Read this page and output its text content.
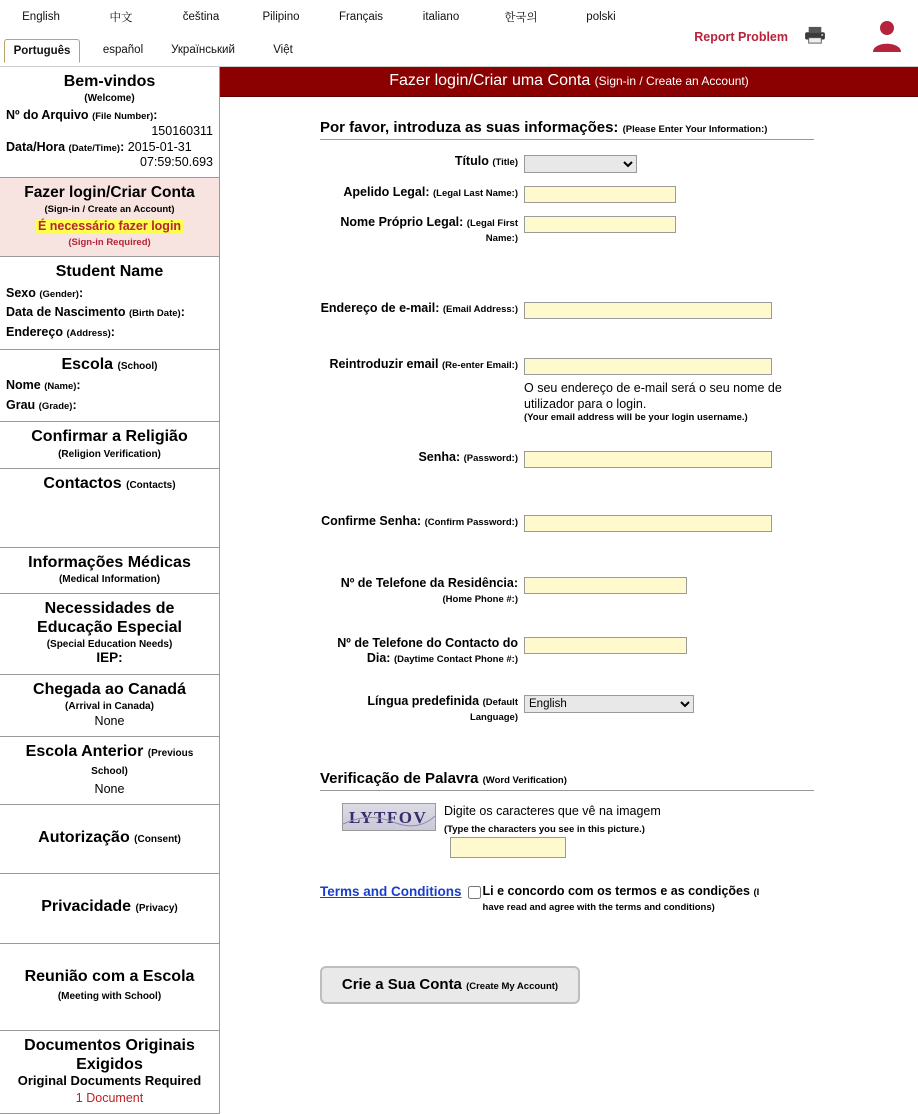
English	中文	čeština	Pilipino	Français	italiano	한국의	polski
Português	español	Український	Việt
Report Problem
Bem-vindos
(Welcome)
Nº do Arquivo (File Number):
150160311
Data/Hora (Date/Time): 2015-01-31
07:59:50.693
Fazer login/Criar Conta
(Sign-in / Create an Account)
É necessário fazer login
(Sign-in Required)
Student Name
Sexo (Gender):
Data de Nascimento (Birth Date):
Endereço (Address):
Escola (School)
Nome (Name):
Grau (Grade):
Confirmar a Religião
(Religion Verification)
Contactos (Contacts)
Informações Médicas
(Medical Information)
Necessidades de Educação Especial
(Special Education Needs)
IEP:
Chegada ao Canadá
(Arrival in Canada)
None
Escola Anterior (Previous School)
None
Autorização (Consent)
Privacidade (Privacy)
Reunião com a Escola (Meeting with School)
Documentos Originais Exigidos
Original Documents Required
1 Document
Fazer login/Criar uma Conta (Sign-in / Create an Account)
Por favor, introduza as suas informações: (Please Enter Your Information:)
Título (Title)
Apelido Legal: (Legal Last Name:)
Nome Próprio Legal: (Legal First Name:)
Endereço de e-mail: (Email Address:)
Reintroduzir email (Re-enter Email:)
O seu endereço de e-mail será o seu nome de utilizador para o login.
(Your email address will be your login username.)
Senha: (Password:)
Confirme Senha: (Confirm Password:)
Nº de Telefone da Residência: (Home Phone #:)
Nº de Telefone do Contacto do Dia: (Daytime Contact Phone #:)
Língua predefinida (Default Language)
English
Verificação de Palavra (Word Verification)
LYTFOV Digite os caracteres que vê na imagem (Type the characters you see in this picture.)
Terms and Conditions Li e concordo com os termos e as condições (I have read and agree with the terms and conditions)
Crie a Sua Conta (Create My Account)
